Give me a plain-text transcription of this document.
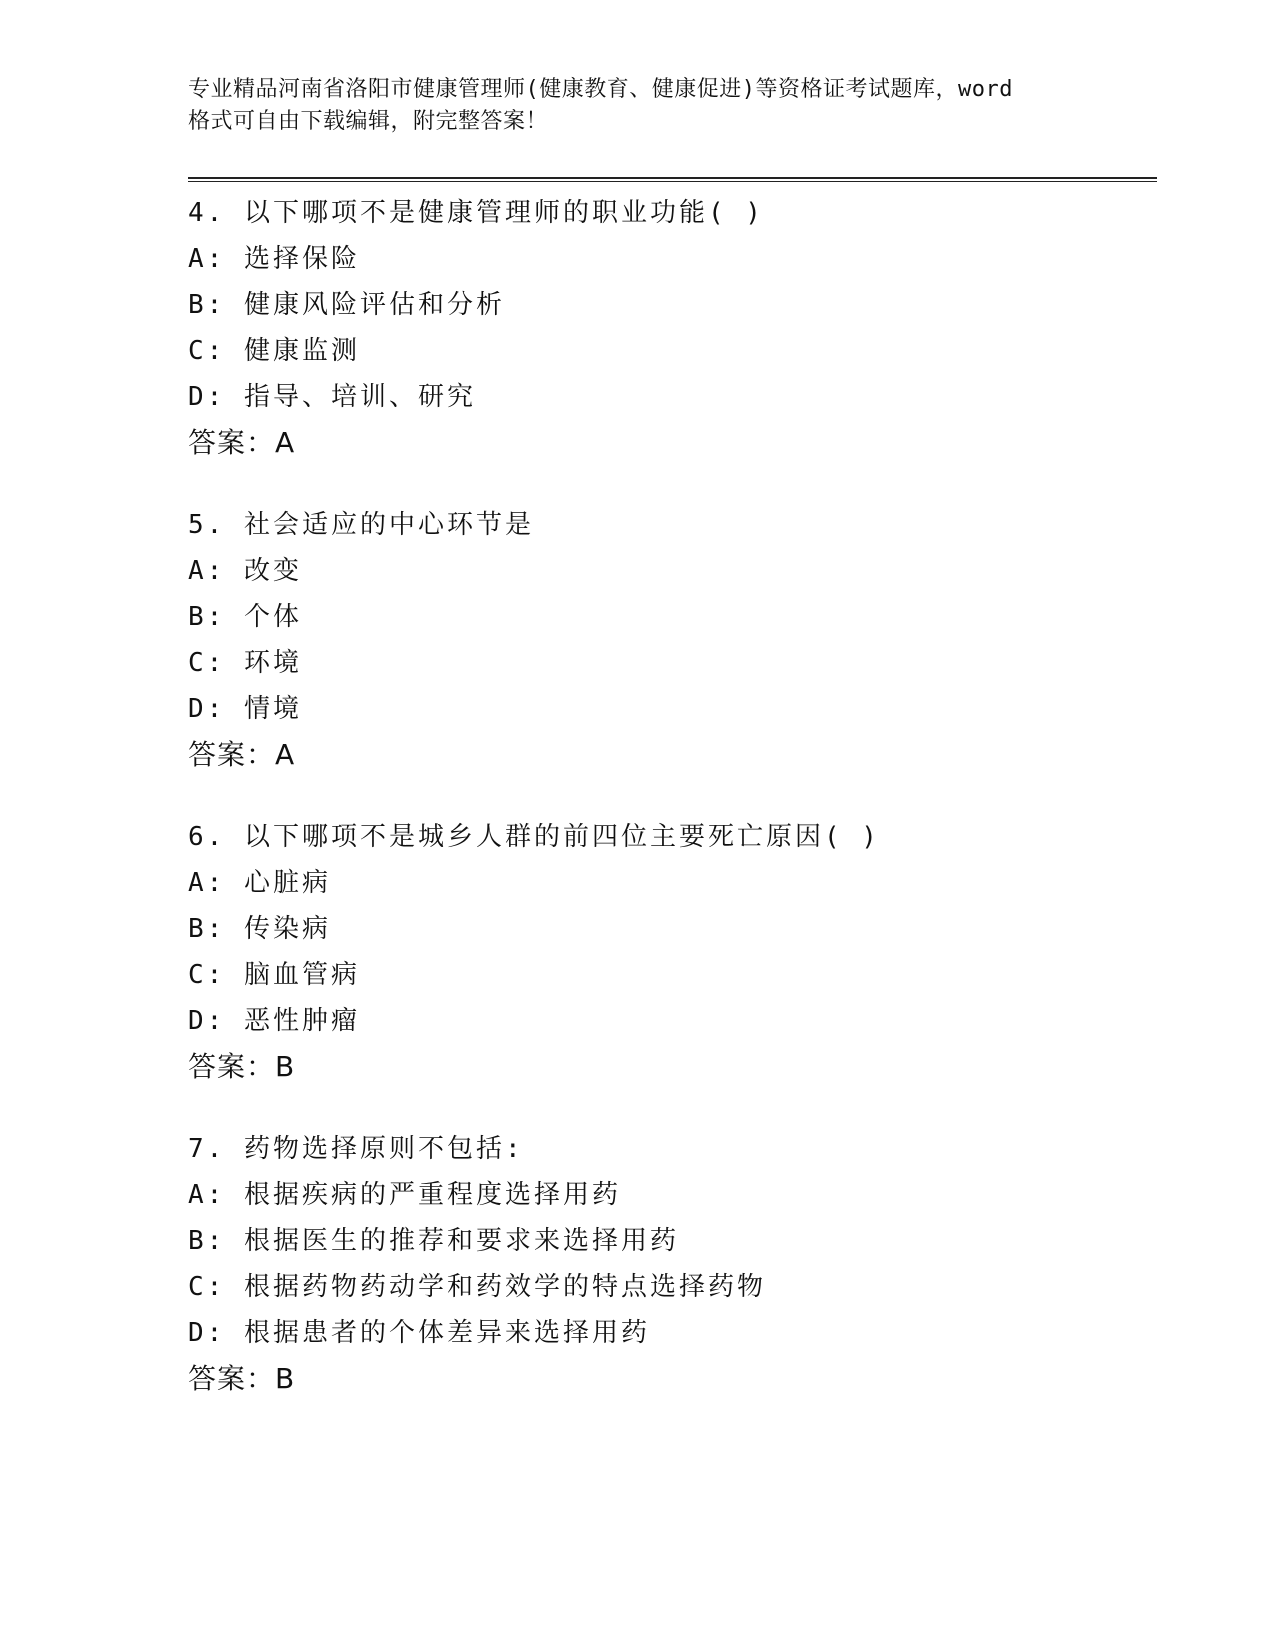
专业精品河南省洛阳市健康管理师(健康教育、健康促进)等资格证考试题库，word
格式可自由下载编辑，附完整答案！
4. 以下哪项不是健康管理师的职业功能( )
A: 选择保险
B: 健康风险评估和分析
C: 健康监测
D: 指导、培训、研究
答案：A
5. 社会适应的中心环节是
A: 改变
B: 个体
C: 环境
D: 情境
答案：A
6. 以下哪项不是城乡人群的前四位主要死亡原因( )
A: 心脏病
B: 传染病
C: 脑血管病
D: 恶性肿瘤
答案：B
7. 药物选择原则不包括:
A: 根据疾病的严重程度选择用药
B: 根据医生的推荐和要求来选择用药
C: 根据药物药动学和药效学的特点选择药物
D: 根据患者的个体差异来选择用药
答案：B
